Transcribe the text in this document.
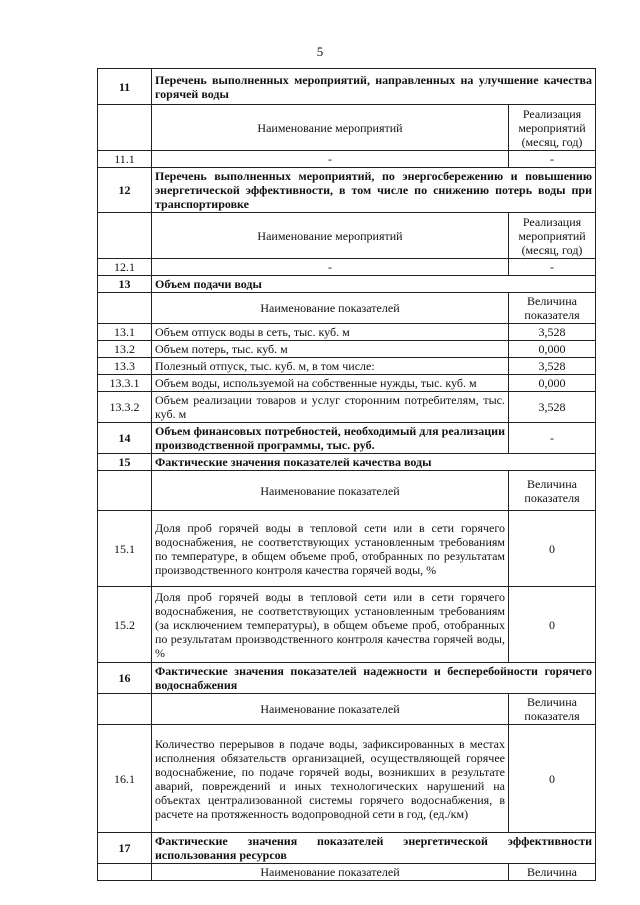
5
11	Перечень выполненных мероприятий, направленных на улучшение качества горячей воды	
	Наименование мероприятий	Реализация мероприятий (месяц, год)
11.1	-	-
12	Перечень выполненных мероприятий, по энергосбережению и повышению энергетической эффективности, в том числе по снижению потерь воды при транспортировке	
	Наименование мероприятий	Реализация мероприятий (месяц, год)
12.1	-	-
13	Объем подачи воды	
	Наименование показателей	Величина показателя
13.1	Объем отпуск воды в сеть, тыс. куб. м	3,528
13.2	Объем потерь, тыс. куб. м	0,000
13.3	Полезный отпуск, тыс. куб. м, в том числе:	3,528
13.3.1	Объем воды, используемой на собственные нужды, тыс. куб. м	0,000
13.3.2	Объем реализации товаров и услуг сторонним потребителям, тыс. куб. м	3,528
14	Объем финансовых потребностей, необходимый для реализации производственной программы, тыс. руб.	-
15	Фактические значения показателей качества воды	
	Наименование показателей	Величина показателя
15.1	Доля проб горячей воды в тепловой сети или в сети горячего водоснабжения, не соответствующих установленным требованиям по температуре, в общем объеме проб, отобранных по результатам производственного контроля качества горячей воды, %	0
15.2	Доля проб горячей воды в тепловой сети или в сети горячего водоснабжения, не соответствующих установленным требованиям (за исключением температуры), в общем объеме проб, отобранных по результатам производственного контроля качества горячей воды, %	0
16	Фактические значения показателей надежности и бесперебойности горячего водоснабжения	
	Наименование показателей	Величина показателя
16.1	Количество перерывов в подаче воды, зафиксированных в местах исполнения обязательств организацией, осуществляющей горячее водоснабжение, по подаче горячей воды, возникших в результате аварий, повреждений и иных технологических нарушений на объектах централизованной системы горячего водоснабжения, в расчете на протяженность водопроводной сети в год, (ед./км)	0
17	Фактические значения показателей энергетической эффективности использования ресурсов	
	Наименование показателей	Величина
